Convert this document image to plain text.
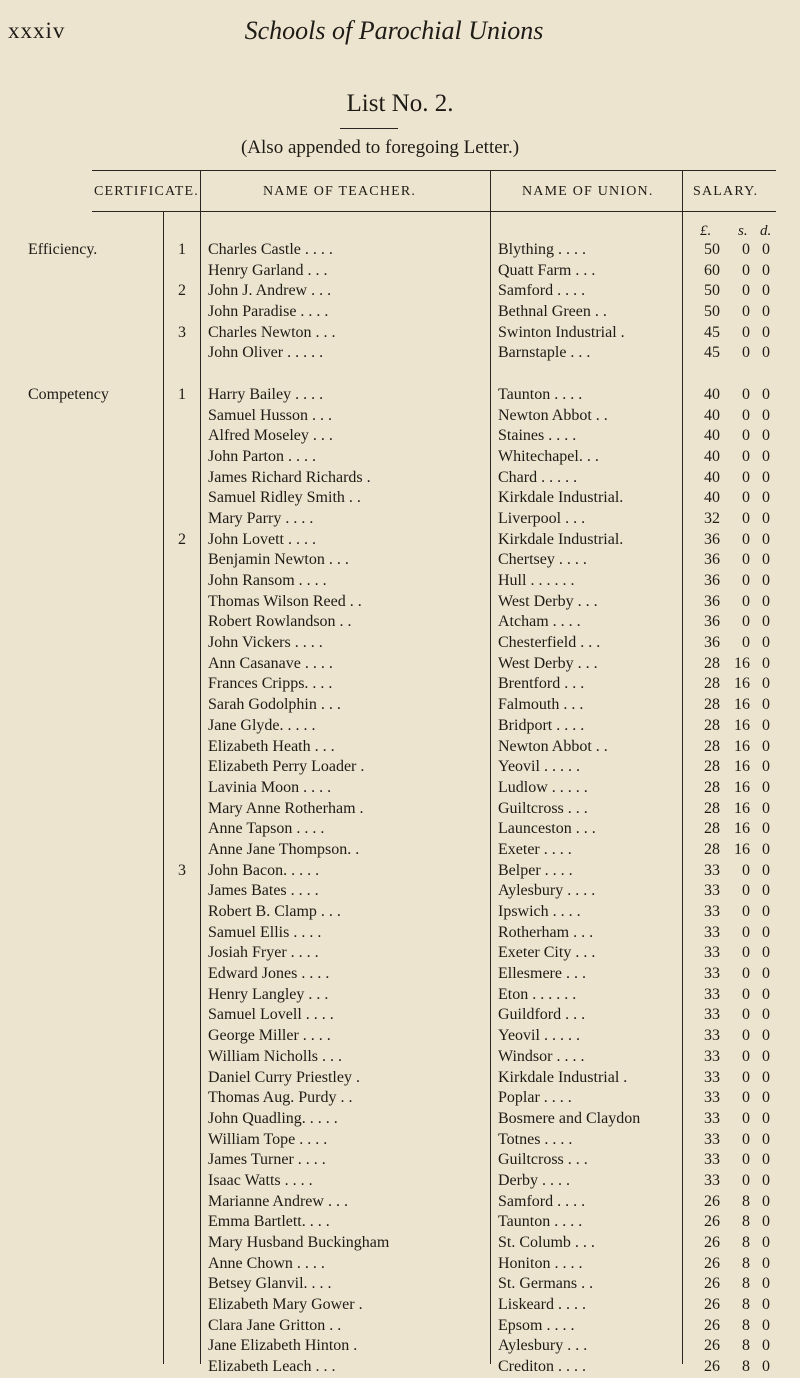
xxxiv	Schools of Parochial Unions
List No. 2.
(Also appended to foregoing Letter.)
CERTIFICATE.	NAME OF TEACHER.	NAME OF UNION.	SALARY.
£. s. d.
Efficiency.	1	Charles Castle . . . .	Blything . . . .	50	0 0
Henry Garland . . .	Quatt Farm . . .	60	0 0
2	John J. Andrew . . .	Samford . . . .	50	0 0
John Paradise . . . .	Bethnal Green . .	50	0 0
3	Charles Newton . . .	Swinton Industrial .	45	0 0
John Oliver . . . . .	Barnstaple . . .	45	0 0
Competency	1	Harry Bailey . . . .	Taunton . . . .	40	0 0
Samuel Husson . . .	Newton Abbot . .	40	0 0
Alfred Moseley . . .	Staines . . . .	40	0 0
John Parton . . . .	Whitechapel. . .	40	0 0
James Richard Richards .	Chard . . . . .	40	0 0
Samuel Ridley Smith . .	Kirkdale Industrial.	40	0 0
Mary Parry . . . .	Liverpool . . .	32	0 0
2	John Lovett . . . .	Kirkdale Industrial.	36	0 0
Benjamin Newton . . .	Chertsey . . . .	36	0 0
John Ransom . . . .	Hull . . . . . .	36	0 0
Thomas Wilson Reed . .	West Derby . . .	36	0 0
Robert Rowlandson . .	Atcham . . . .	36	0 0
John Vickers . . . .	Chesterfield . . .	36	0 0
Ann Casanave . . . .	West Derby . . .	28 16 0
Frances Cripps. . . .	Brentford . . .	28 16 0
Sarah Godolphin . . .	Falmouth . . .	28 16 0
Jane Glyde. . . . .	Bridport . . . .	28 16 0
Elizabeth Heath . . .	Newton Abbot . .	28 16 0
Elizabeth Perry Loader .	Yeovil . . . . .	28 16 0
Lavinia Moon . . . .	Ludlow . . . . .	28 16 0
Mary Anne Rotherham .	Guiltcross . . .	28 16 0
Anne Tapson . . . .	Launceston . . .	28 16 0
Anne Jane Thompson. .	Exeter . . . .	28 16 0
3	John Bacon. . . . .	Belper . . . .	33	0 0
James Bates . . . .	Aylesbury . . . .	33	0 0
Robert B. Clamp . . .	Ipswich . . . .	33	0 0
Samuel Ellis . . . .	Rotherham . . .	33	0 0
Josiah Fryer . . . .	Exeter City . . .	33	0 0
Edward Jones . . . .	Ellesmere . . .	33	0 0
Henry Langley . . .	Eton . . . . . .	33	0 0
Samuel Lovell . . . .	Guildford . . .	33	0 0
George Miller . . . .	Yeovil . . . . .	33	0 0
William Nicholls . . .	Windsor . . . .	33	0 0
Daniel Curry Priestley .	Kirkdale Industrial .	33	0 0
Thomas Aug. Purdy . .	Poplar . . . .	33	0 0
John Quadling. . . . .	Bosmere and Claydon	33	0 0
William Tope . . . .	Totnes . . . .	33	0 0
James Turner . . . .	Guiltcross . . .	33	0 0
Isaac Watts . . . .	Derby . . . .	33	0 0
Marianne Andrew . . .	Samford . . . .	26	8 0
Emma Bartlett. . . .	Taunton . . . .	26	8 0
Mary Husband Buckingham	St. Columb . . .	26	8 0
Anne Chown . . . .	Honiton . . . .	26	8 0
Betsey Glanvil. . . .	St. Germans . .	26	8 0
Elizabeth Mary Gower .	Liskeard . . . .	26	8 0
Clara Jane Gritton . .	Epsom . . . .	26	8 0
Jane Elizabeth Hinton .	Aylesbury . . .	26	8 0
Elizabeth Leach . . .	Crediton . . . .	26	8 0
